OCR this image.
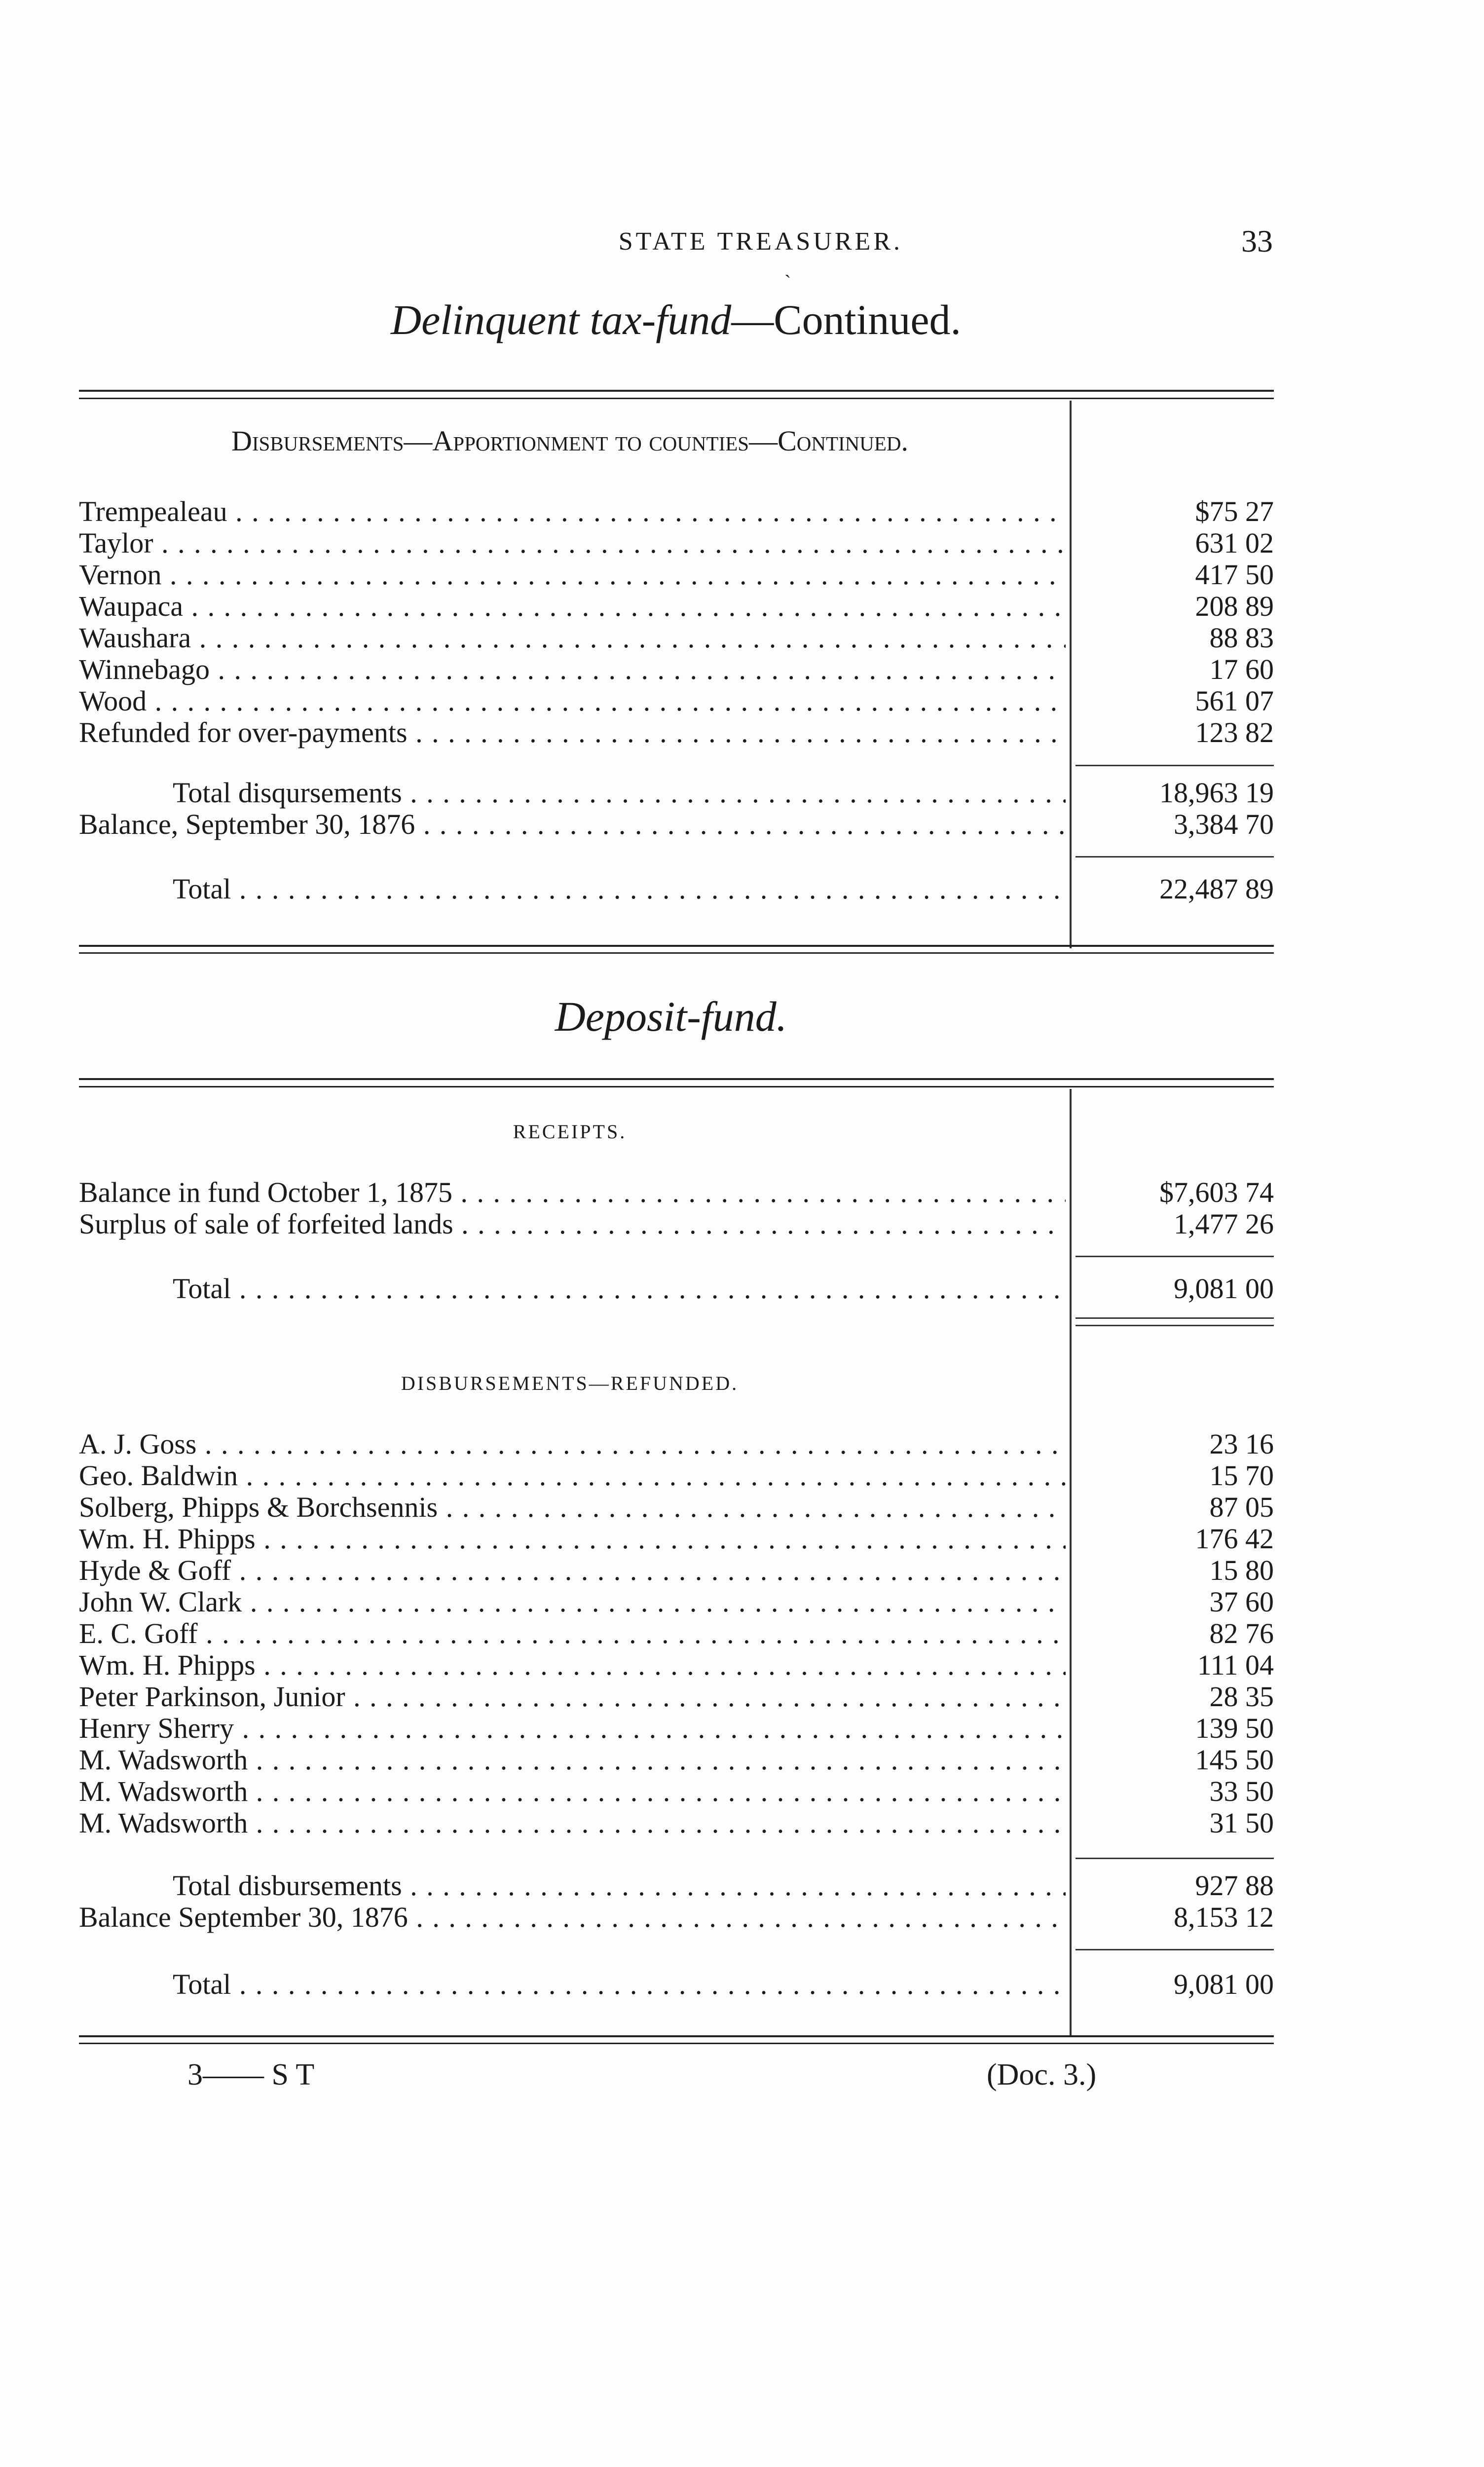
STATE TREASURER.	33
ˋ
Delinquent tax-fund—Continued.
Disbursements—Apportionment to counties—Continued.
Trempealeau . . .	$75 27
Taylor . . .	631 02
Vernon . . .	417 50
Waupaca . . .	208 89
Waushara . . .	88 83
Winnebago . . .	17 60
Wood . . .	561 07
Refunded for over-payments . . .	123 82
Total disqursements . . .	18,963 19
Balance, September 30, 1876 . . .	3,384 70
Total . . .	22,487 89
Deposit-fund.
RECEIPTS.
Balance in fund October 1, 1875 . . .	$7,603 74
Surplus of sale of forfeited lands . . .	1,477 26
Total . . .	9,081 00
DISBURSEMENTS—REFUNDED.
A. J. Goss . . .	23 16
Geo. Baldwin . . .	15 70
Solberg, Phipps & Borchsennis . . .	87 05
Wm. H. Phipps . . .	176 42
Hyde & Goff . . .	15 80
John W. Clark . . .	37 60
E. C. Goff . . .	82 76
Wm. H. Phipps . . .	111 04
Peter Parkinson, Junior . . .	28 35
Henry Sherry . . .	139 50
M. Wadsworth . . .	145 50
M. Wadsworth . . .	33 50
M. Wadsworth . . .	31 50
Total disbursements . . .	927 88
Balance September 30, 1876 . . .	8,153 12
Total . . .	9,081 00
3—— S T	(Doc. 3.)
